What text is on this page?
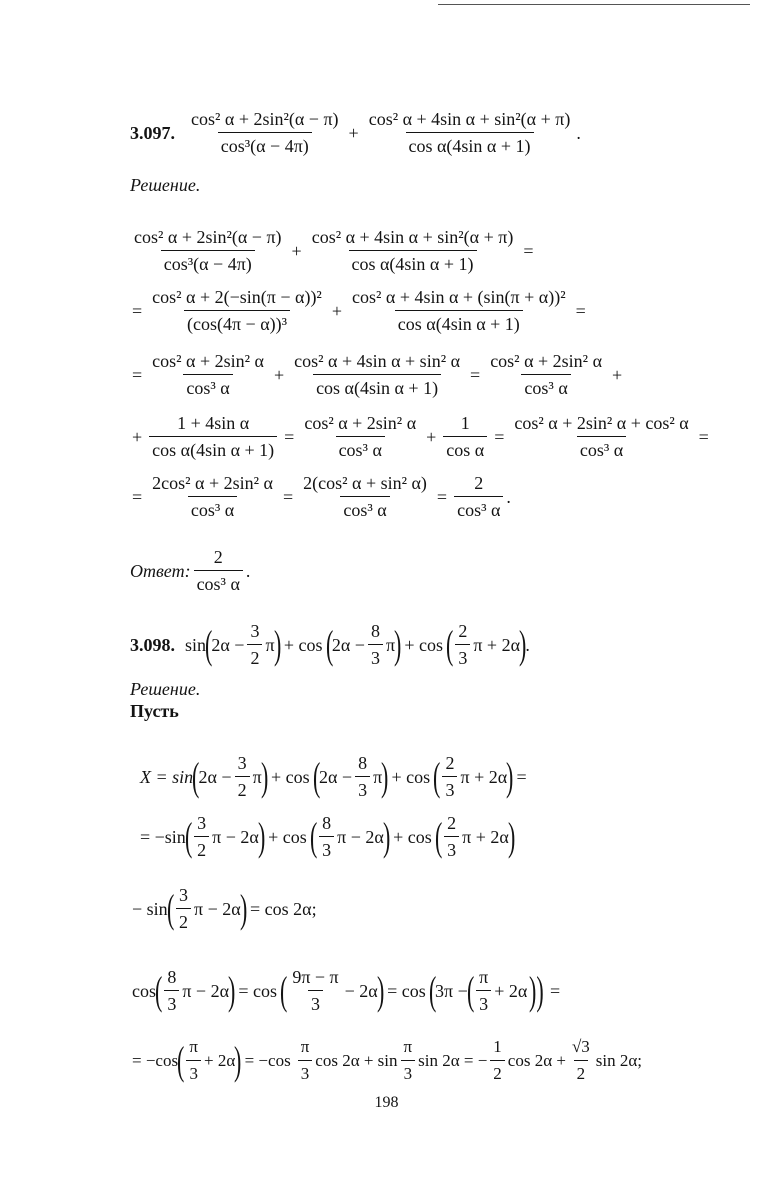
3.097. $\frac{\text{cos² α + 2sin²(α − π)}}{\text{cos³(α − 4π)}} + \frac{\text{cos² α + 4sin α + sin²(α + π)}}{\text{cos α(4sin α + 1)}}$ .
Решение.
$\frac{\text{cos² α + 2sin²(α − π)}}{\text{cos³(α − 4π)}} + \frac{\text{cos² α + 4sin α + sin²(α + π)}}{\text{cos α(4sin α + 1)}}$ =
= $\frac{\text{cos² α + 2(−sin(π − α))²}}{\text{(cos(4π − α))³}} + \frac{\text{cos² α + 4sin α + (sin(π + α))²}}{\text{cos α(4sin α + 1)}}$ =
= $\frac{\text{cos² α + 2sin² α}}{\text{cos³ α}} + \frac{\text{cos² α + 4sin α + sin² α}}{\text{cos α(4sin α + 1)}} = \frac{\text{cos² α + 2sin² α}}{\text{cos³ α}}$ +
+ $\frac{\text{1 + 4sin α}}{\text{cos α(4sin α + 1)}} = \frac{\text{cos² α + 2sin² α}}{\text{cos³ α}} + \frac{1}{\text{cos α}} = \frac{\text{cos² α + 2sin² α + cos² α}}{\text{cos³ α}}$ =
= $\frac{\text{2cos² α + 2sin² α}}{\text{cos³ α}} = \frac{\text{2(cos² α + sin² α)}}{\text{cos³ α}} = \frac{2}{\text{cos³ α}}$ .
Ответ: $\frac{2}{\text{cos³ α}}$ .
3.098. sin
(
$2\alpha - \frac{3}{2}$ π
) + cos (
$2\alpha - \frac{8}{3}$ π
) + cos ( $\frac{2}{3}$ π + 2α
)
.
Решение.
Пусть
X = sin
(
$2\alpha - \frac{3}{2}$ π
) + cos (
$2\alpha - \frac{8}{3}$ π
) + cos ( $\frac{2}{3}$ π + 2α
) =
= −sin
( $\frac{3}{2}$ π − 2α
) + cos ( $\frac{8}{3}$ π − 2α
) + cos ( $\frac{2}{3}$ π + 2α
)
− sin
( $\frac{3}{2}$ π − 2α
) = cos 2α;
cos
( $\frac{8}{3}$ π − 2α
) = cos ( $\frac{9\pi - \pi}{3} - 2\alpha$
) = cos (
3π −
( $\frac{\pi}{3} + 2\alpha$ )) =
= −cos
( $\frac{\pi}{3} + 2\alpha$
) = $-\cos \frac{\pi}{3}$ $\cos 2\alpha + \sin \frac{\pi}{3}$ sin 2α = − $\frac{1}{2}$ $\cos 2\alpha + \frac{√3}{2}$ sin 2α;
198
